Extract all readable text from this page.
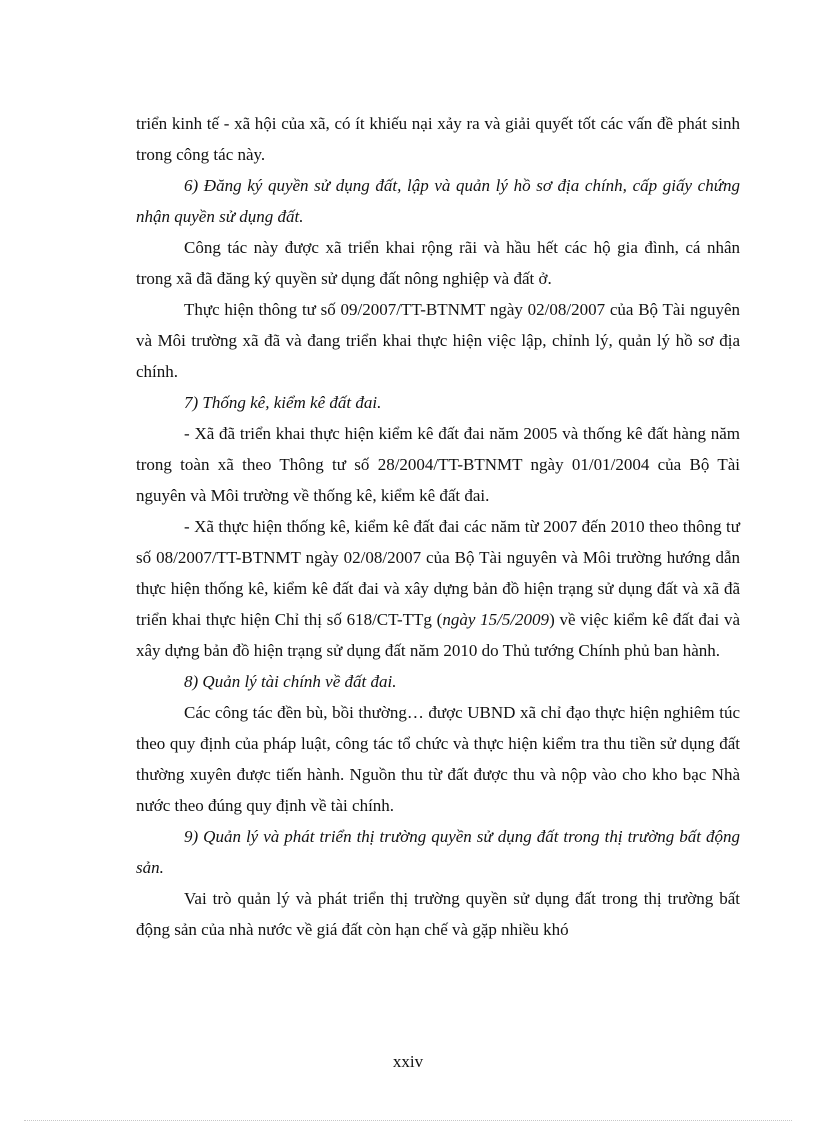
triển kinh tế - xã hội của xã, có ít khiếu nại xảy ra và giải quyết tốt các vấn đề phát sinh trong công tác này.

6) Đăng ký quyền sử dụng đất, lập và quản lý hồ sơ địa chính, cấp giấy chứng nhận quyền sử dụng đất.

Công tác này được xã triển khai rộng rãi và hầu hết các hộ gia đình, cá nhân trong xã đã đăng ký quyền sử dụng đất nông nghiệp và đất ở.

Thực hiện thông tư số 09/2007/TT-BTNMT ngày 02/08/2007 của Bộ Tài nguyên và Môi trường xã đã và đang triển khai thực hiện việc lập, chỉnh lý, quản lý hồ sơ địa chính.

7) Thống kê, kiểm kê đất đai.

- Xã đã triển khai thực hiện kiểm kê đất đai năm 2005 và thống kê đất hàng năm trong toàn xã theo Thông tư số 28/2004/TT-BTNMT ngày 01/01/2004 của Bộ Tài nguyên và Môi trường về thống kê, kiểm kê đất đai.

- Xã thực hiện thống kê, kiểm kê đất đai các năm từ 2007 đến 2010 theo thông tư số 08/2007/TT-BTNMT ngày 02/08/2007 của Bộ Tài nguyên và Môi trường hướng dẫn thực hiện thống kê, kiểm kê đất đai và xây dựng bản đồ hiện trạng sử dụng đất và xã đã triển khai thực hiện Chỉ thị số 618/CT-TTg (ngày 15/5/2009) về việc kiểm kê đất đai và xây dựng bản đồ hiện trạng sử dụng đất năm 2010 do Thủ tướng Chính phủ ban hành.

8) Quản lý tài chính về đất đai.

Các công tác đền bù, bồi thường… được UBND xã chỉ đạo thực hiện nghiêm túc theo quy định của pháp luật, công tác tổ chức và thực hiện kiểm tra thu tiền sử dụng đất thường xuyên được tiến hành. Nguồn thu từ đất được thu và nộp vào cho kho bạc Nhà nước theo đúng quy định về tài chính.

9) Quản lý và phát triển thị trường quyền sử dụng đất trong thị trường bất động sản.

Vai trò quản lý và phát triển thị trường quyền sử dụng đất trong thị trường bất động sản của nhà nước về giá đất còn hạn chế và gặp nhiều khó

xxiv
